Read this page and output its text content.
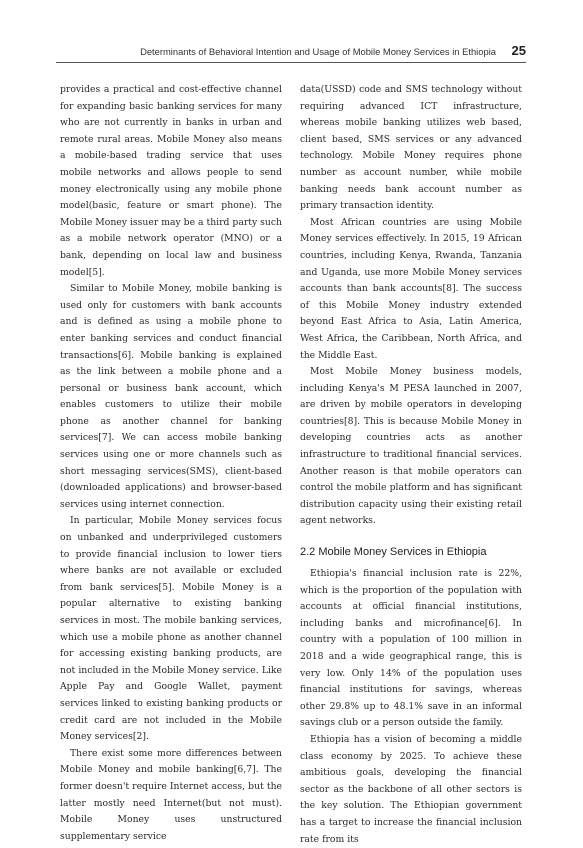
Determinants of Behavioral Intention and Usage of Mobile Money Services in Ethiopia 25

provides a practical and cost-effective channel for expanding basic banking services for many who are not currently in banks in urban and remote rural areas. Mobile Money also means a mobile-based trading service that uses mobile networks and allows people to send money electronically using any mobile phone model(basic, feature or smart phone). The Mobile Money issuer may be a third party such as a mobile network operator (MNO) or a bank, depending on local law and business model[5].

Similar to Mobile Money, mobile banking is used only for customers with bank accounts and is defined as using a mobile phone to enter banking services and conduct financial transactions[6]. Mobile banking is explained as the link between a mobile phone and a personal or business bank account, which enables customers to utilize their mobile phone as another channel for banking services[7]. We can access mobile banking services using one or more channels such as short messaging services(SMS), client-based (downloaded applications) and browser-based services using internet connection.

In particular, Mobile Money services focus on unbanked and underprivileged customers to provide financial inclusion to lower tiers where banks are not available or excluded from bank services[5]. Mobile Money is a popular alternative to existing banking services in most. The mobile banking services, which use a mobile phone as another channel for accessing existing banking products, are not included in the Mobile Money service. Like Apple Pay and Google Wallet, payment services linked to existing banking products or credit card are not included in the Mobile Money services[2].

There exist some more differences between Mobile Money and mobile banking[6,7]. The former doesn't require Internet access, but the latter mostly need Internet(but not must). Mobile Money uses unstructured supplementary service

data(USSD) code and SMS technology without requiring advanced ICT infrastructure, whereas mobile banking utilizes web based, client based, SMS services or any advanced technology. Mobile Money requires phone number as account number, while mobile banking needs bank account number as primary transaction identity.

Most African countries are using Mobile Money services effectively. In 2015, 19 African countries, including Kenya, Rwanda, Tanzania and Uganda, use more Mobile Money services accounts than bank accounts[8]. The success of this Mobile Money industry extended beyond East Africa to Asia, Latin America, West Africa, the Caribbean, North Africa, and the Middle East.

Most Mobile Money business models, including Kenya's M PESA launched in 2007, are driven by mobile operators in developing countries[8]. This is because Mobile Money in developing countries acts as another infrastructure to traditional financial services. Another reason is that mobile operators can control the mobile platform and has significant distribution capacity using their existing retail agent networks.

2.2 Mobile Money Services in Ethiopia

Ethiopia's financial inclusion rate is 22%, which is the proportion of the population with accounts at official financial institutions, including banks and microfinance[6]. In country with a population of 100 million in 2018 and a wide geographical range, this is very low. Only 14% of the population uses financial institutions for savings, whereas other 29.8% up to 48.1% save in an informal savings club or a person outside the family.

Ethiopia has a vision of becoming a middle class economy by 2025. To achieve these ambitious goals, developing the financial sector as the backbone of all other sectors is the key solution. The Ethiopian government has a target to increase the financial inclusion rate from its
